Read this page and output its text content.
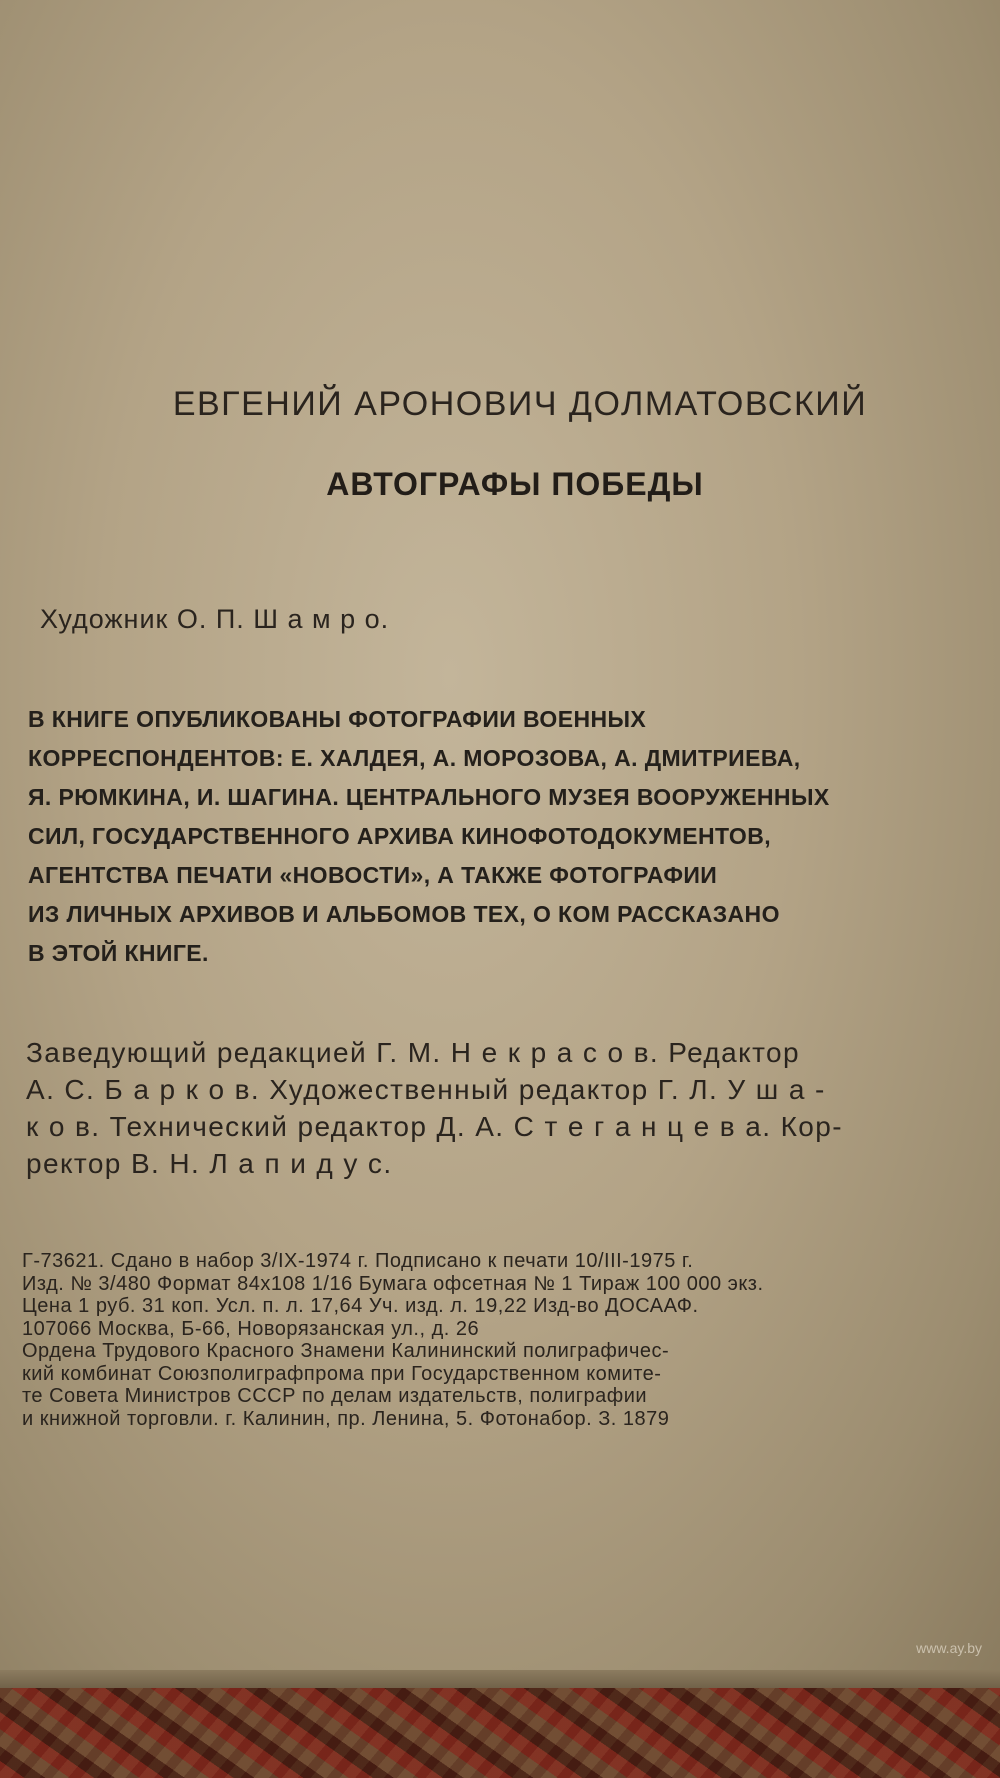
ЕВГЕНИЙ АРОНОВИЧ ДОЛМАТОВСКИЙ
АВТОГРАФЫ ПОБЕДЫ
Художник О. П. Ш а м р о.
В КНИГЕ ОПУБЛИКОВАНЫ ФОТОГРАФИИ ВОЕННЫХ
КОРРЕСПОНДЕНТОВ: Е. ХАЛДЕЯ, А. МОРОЗОВА, А. ДМИТРИЕВА,
Я. РЮМКИНА, И. ШАГИНА. ЦЕНТРАЛЬНОГО МУЗЕЯ ВООРУЖЕННЫХ
СИЛ, ГОСУДАРСТВЕННОГО АРХИВА КИНОФОТОДОКУМЕНТОВ,
АГЕНТСТВА ПЕЧАТИ «НОВОСТИ», А ТАКЖЕ ФОТОГРАФИИ
ИЗ ЛИЧНЫХ АРХИВОВ И АЛЬБОМОВ ТЕХ, О КОМ РАССКАЗАНО
В ЭТОЙ КНИГЕ.
Заведующий редакцией Г. М. Н е к р а с о в. Редактор
А. С. Б а р к о в. Художественный редактор Г. Л. У ш а -
к о в. Технический редактор Д. А. С т е г а н ц е в а. Кор-
ректор В. Н. Л а п и д у с.
Г-73621. Сдано в набор 3/IX-1974 г. Подписано к печати 10/III-1975 г.
Изд. № 3/480 Формат 84х108 1/16 Бумага офсетная № 1 Тираж 100 000 экз.
Цена 1 руб. 31 коп. Усл. п. л. 17,64 Уч. изд. л. 19,22 Изд-во ДОСААФ.
107066 Москва, Б-66, Новорязанская ул., д. 26
Ордена Трудового Красного Знамени Калининский полиграфичес-
кий комбинат Союзполиграфпрома при Государственном комите-
те Совета Министров СССР по делам издательств, полиграфии
и книжной торговли. г. Калинин, пр. Ленина, 5. Фотонабор. З. 1879
www.ay.by
